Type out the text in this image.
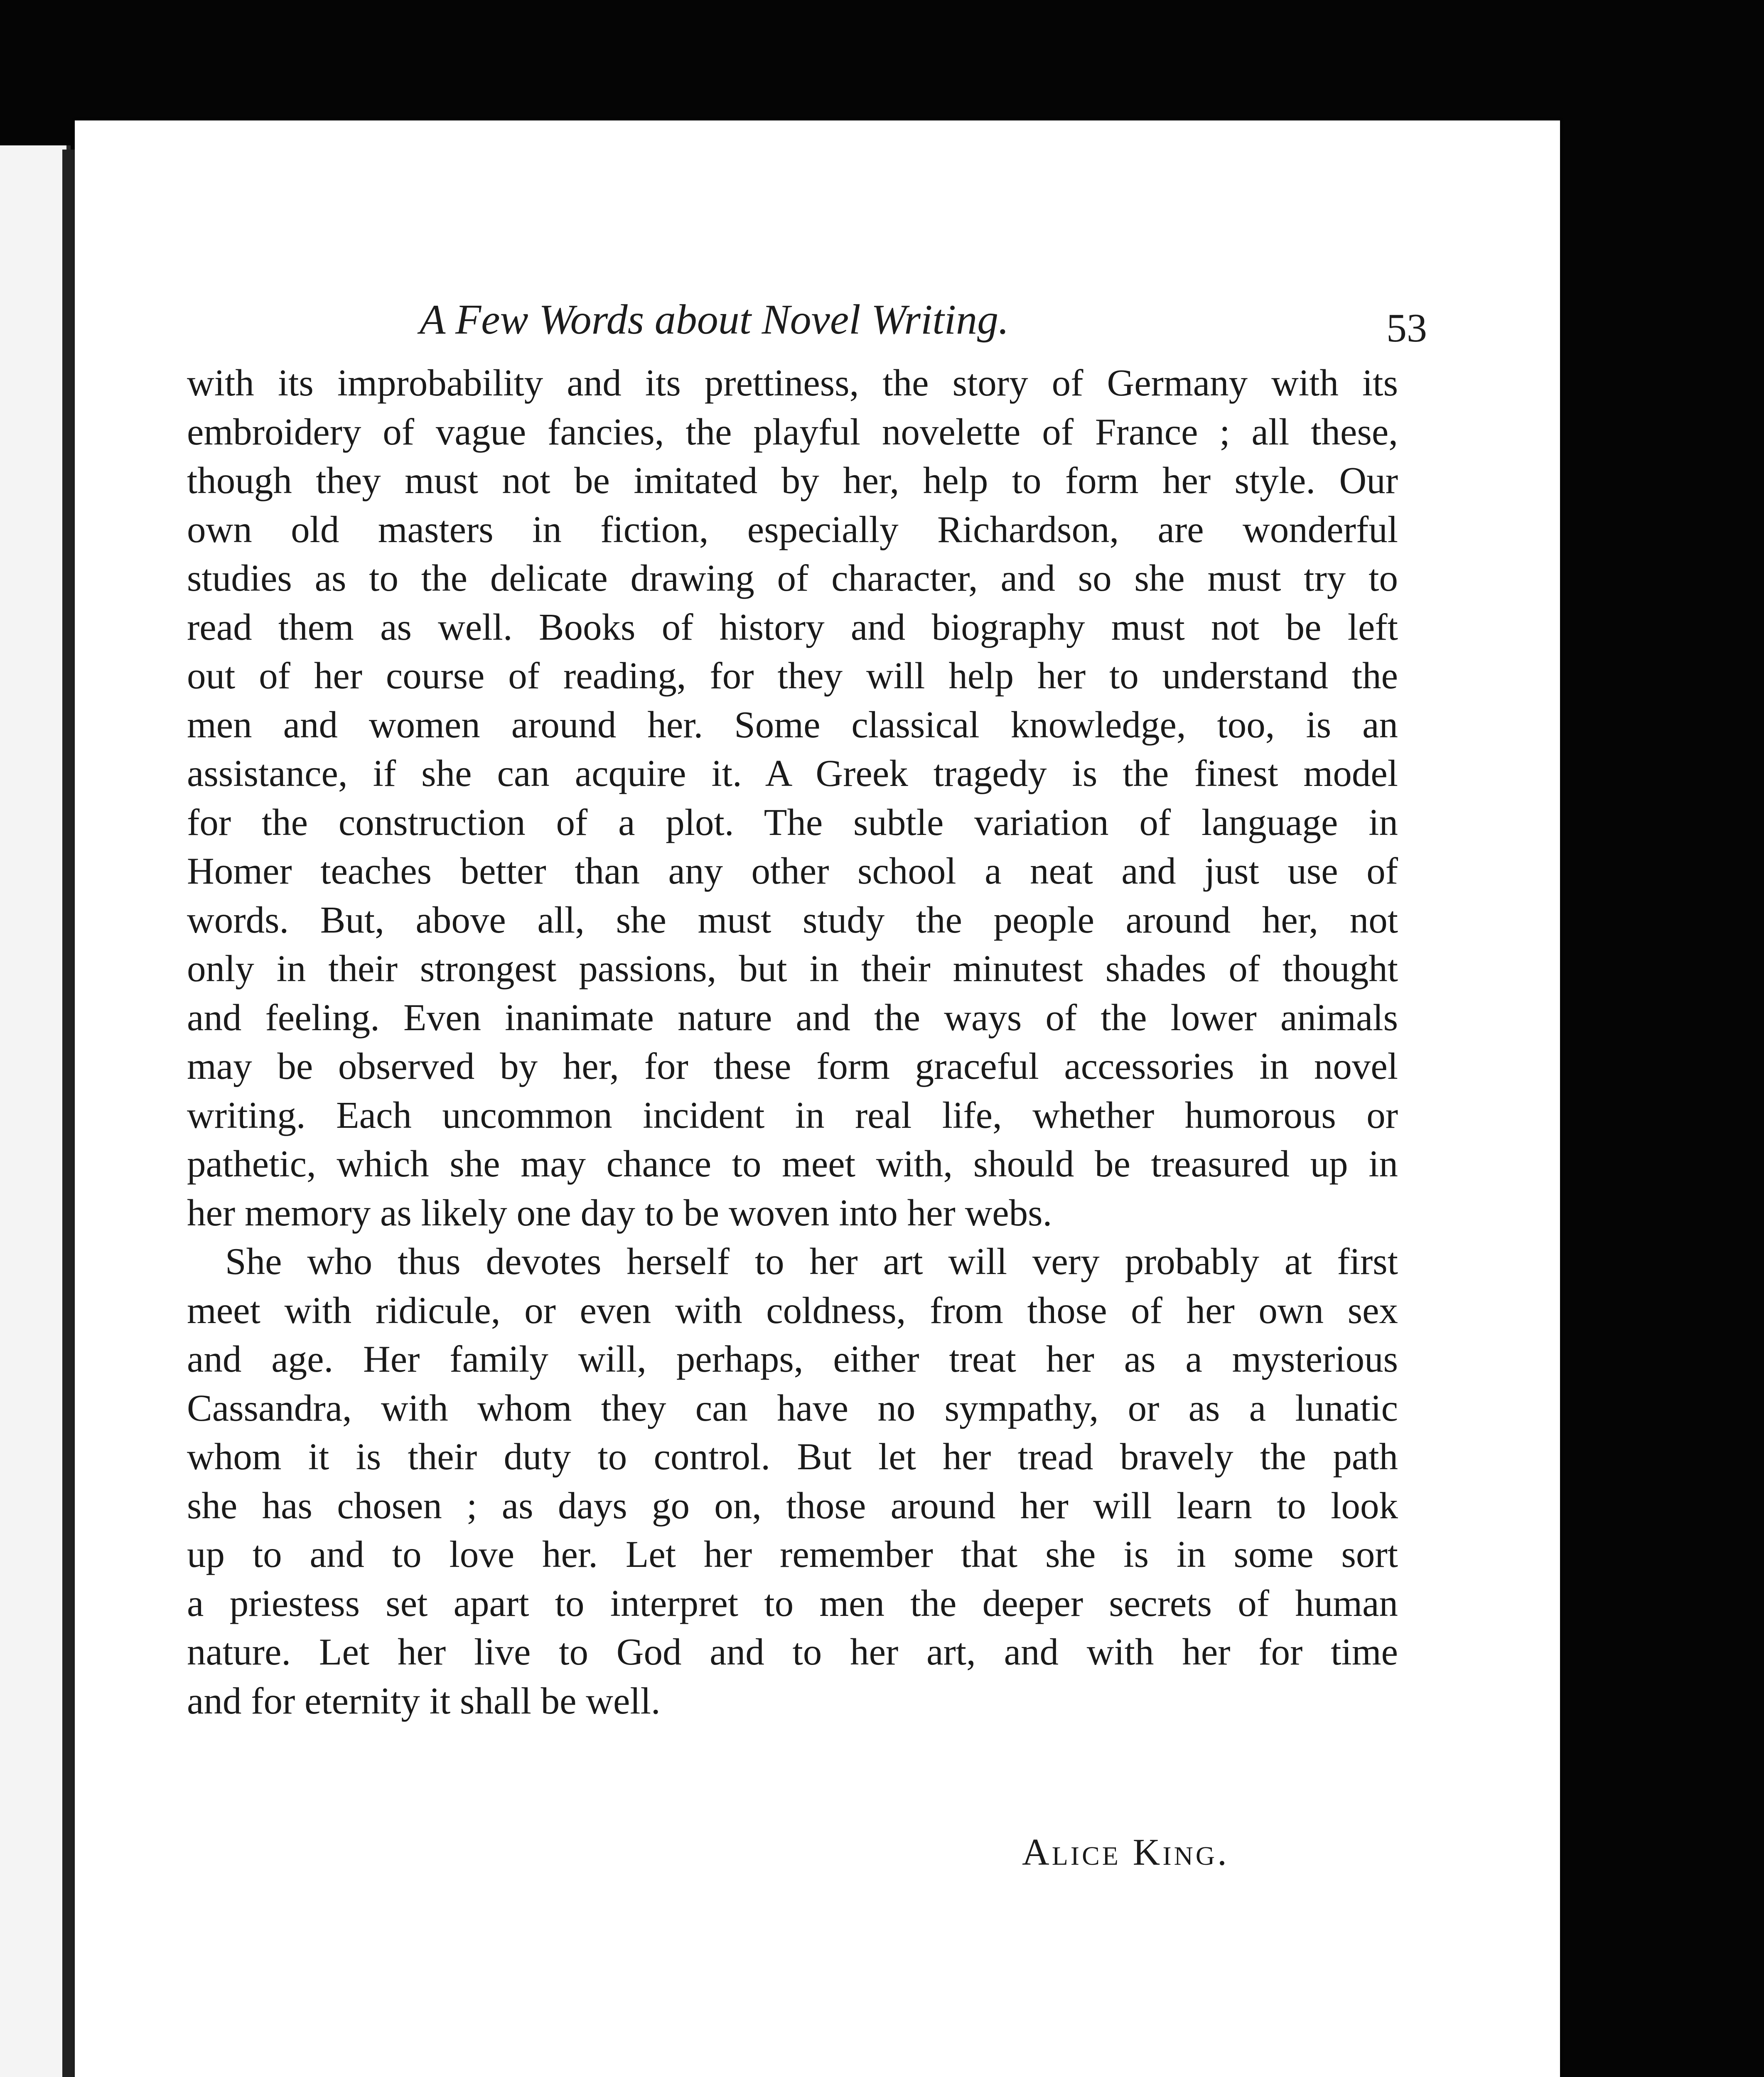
A Few Words about Novel Writing.	53
with its improbability and its prettiness, the story of Germany with its
embroidery of vague fancies, the playful novelette of France ; all these,
though they must not be imitated by her, help to form her style. Our
own old masters in fiction, especially Richardson, are wonderful
studies as to the delicate drawing of character, and so she must try to
read them as well. Books of history and biography must not be left
out of her course of reading, for they will help her to understand the
men and women around her. Some classical knowledge, too, is an
assistance, if she can acquire it. A Greek tragedy is the finest model
for the construction of a plot. The subtle variation of language in
Homer teaches better than any other school a neat and just use of
words. But, above all, she must study the people around her, not
only in their strongest passions, but in their minutest shades of thought
and feeling. Even inanimate nature and the ways of the lower animals
may be observed by her, for these form graceful accessories in novel
writing. Each uncommon incident in real life, whether humorous or
pathetic, which she may chance to meet with, should be treasured up in
her memory as likely one day to be woven into her webs.
She who thus devotes herself to her art will very probably at first
meet with ridicule, or even with coldness, from those of her own sex
and age. Her family will, perhaps, either treat her as a mysterious
Cassandra, with whom they can have no sympathy, or as a lunatic
whom it is their duty to control. But let her tread bravely the path
she has chosen ; as days go on, those around her will learn to look
up to and to love her. Let her remember that she is in some sort
a priestess set apart to interpret to men the deeper secrets of human
nature. Let her live to God and to her art, and with her for time
and for eternity it shall be well.
Alice King.
